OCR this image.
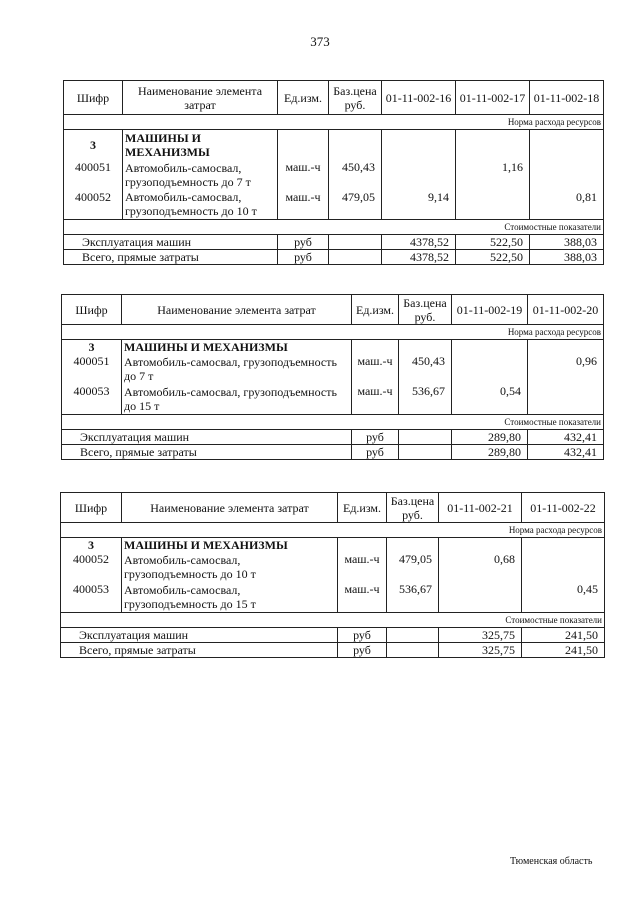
373
Шифр	Наименование элемента затрат	Ед.изм.	Баз.цена руб.	01-11-002-16	01-11-002-17	01-11-002-18
Норма расхода ресурсов						
3	МАШИНЫ И МЕХАНИЗМЫ					
400051	Автомобиль-самосвал, грузоподъемность до 7 т	маш.-ч	450,43		1,16	
400052	Автомобиль-самосвал, грузоподъемность до 10 т	маш.-ч	479,05	9,14		0,81
Стоимостные показатели						
Эксплуатация машин		руб		4378,52	522,50	388,03
Всего, прямые затраты		руб		4378,52	522,50	388,03
Шифр	Наименование элемента затрат	Ед.изм.	Баз.цена руб.	01-11-002-19	01-11-002-20
Норма расхода ресурсов					
3	МАШИНЫ И МЕХАНИЗМЫ				
400051	Автомобиль-самосвал, грузоподъемность до 7 т	маш.-ч	450,43		0,96
400053	Автомобиль-самосвал, грузоподъемность до 15 т	маш.-ч	536,67	0,54	
Стоимостные показатели					
Эксплуатация машин		руб		289,80	432,41
Всего, прямые затраты		руб		289,80	432,41
Шифр	Наименование элемента затрат	Ед.изм.	Баз.цена руб.	01-11-002-21	01-11-002-22
Норма расхода ресурсов					
3	МАШИНЫ И МЕХАНИЗМЫ				
400052	Автомобиль-самосвал, грузоподъемность до 10 т	маш.-ч	479,05	0,68	
400053	Автомобиль-самосвал, грузоподъемность до 15 т	маш.-ч	536,67		0,45
Стоимостные показатели					
Эксплуатация машин		руб		325,75	241,50
Всего, прямые затраты		руб		325,75	241,50
Тюменская область
